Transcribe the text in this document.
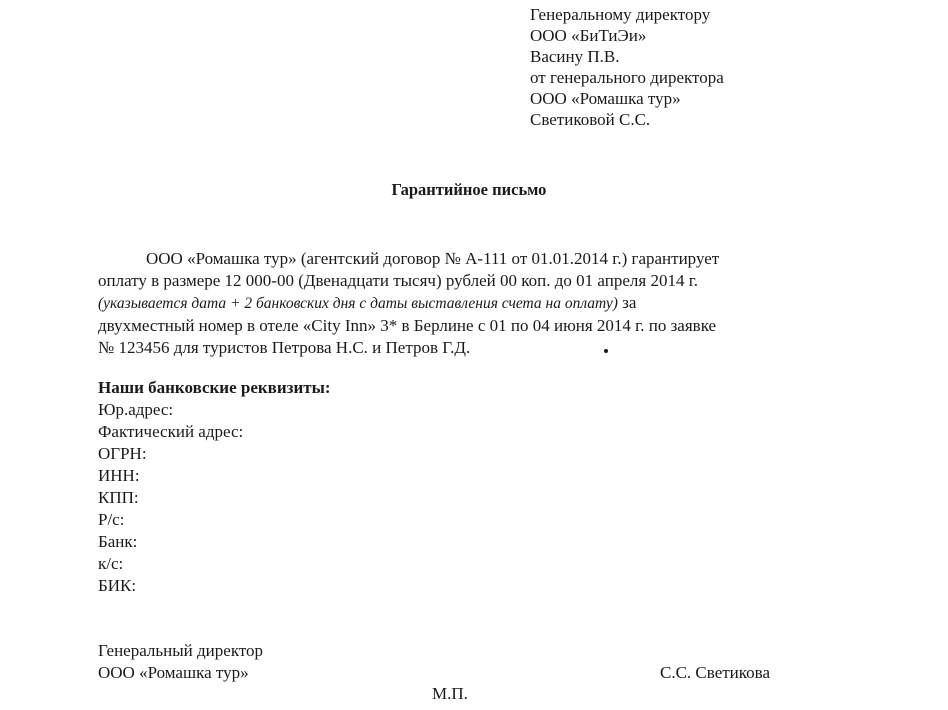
Генеральному директору
ООО «БиТиЭи»
Васину П.В.
от генерального директора
ООО «Ромашка тур»
Светиковой С.С.
Гарантийное письмо
ООО «Ромашка тур» (агентский договор № А-111 от 01.01.2014 г.) гарантирует
оплату в размере 12 000-00 (Двенадцати тысяч) рублей 00 коп. до 01 апреля 2014 г.
(указывается дата + 2 банковских дня с даты выставления счета на оплату) за
двухместный номер в отеле «City Inn» 3* в Берлине с 01 по 04 июня 2014 г. по заявке
№ 123456 для туристов Петрова Н.С. и Петров Г.Д.
Наши банковские реквизиты:
Юр.адрес:
Фактический адрес:
ОГРН:
ИНН:
КПП:
Р/с:
Банк:
к/с:
БИК:
Генеральный директор
ООО «Ромашка тур»	С.С. Светикова
М.П.
